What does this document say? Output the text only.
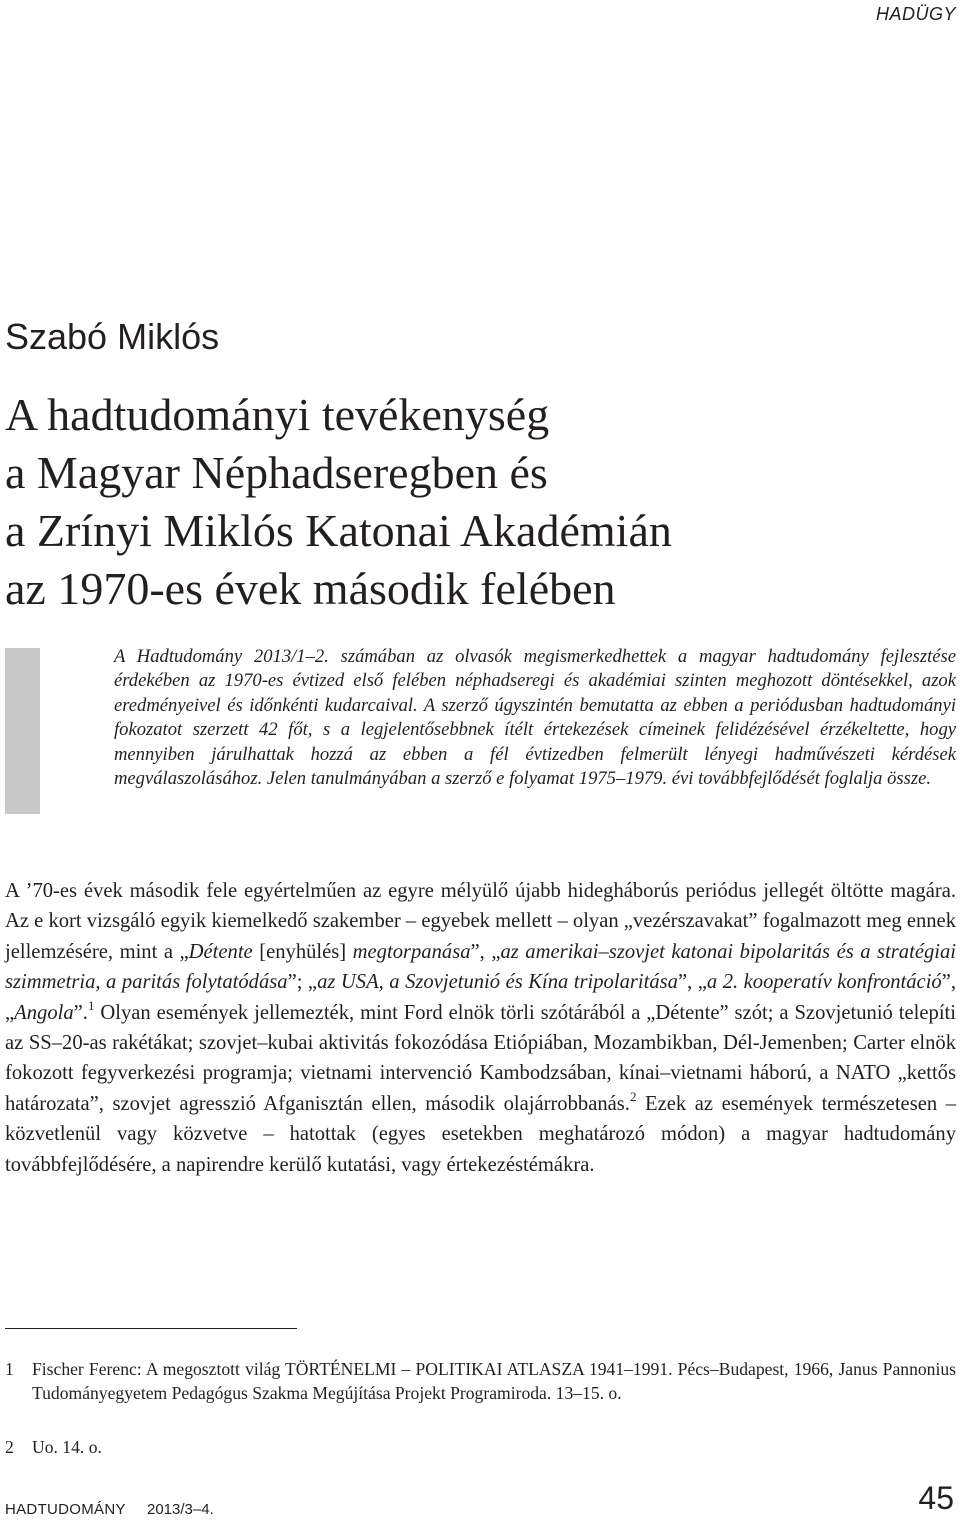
HADÜGY
Szabó Miklós
A hadtudományi tevékenység
a Magyar Néphadseregben és
a Zrínyi Miklós Katonai Akadémián
az 1970-es évek második felében

A Hadtudomány 2013/1–2. számában az olvasók megismerkedhettek a magyar hadtudomány fejlesztése érdekében az 1970-es évtized első felében néphadseregi és akadémiai szinten meghozott döntésekkel, azok eredményeivel és időnkénti kudarcaival. A szerző úgyszintén bemutatta az ebben a periódusban hadtudományi fokozatot szerzett 42 főt, s a legjelentősebbnek ítélt értekezések címeinek felidézésével érzékeltette, hogy mennyiben járulhattak hozzá az ebben a fél évtizedben felmerült lényegi hadművészeti kérdések megválaszolásához. Jelen tanulmányában a szerző e folyamat 1975–1979. évi továbbfejlődését foglalja össze.

A ’70-es évek második fele egyértelműen az egyre mélyülő újabb hidegháborús periódus jellegét öltötte magára. Az e kort vizsgáló egyik kiemelkedő szakember – egyebek mellett – olyan „vezérszavakat” fogalmazott meg ennek jellemzésére, mint a „Détente [enyhülés] megtorpanása”, „az amerikai–szovjet katonai bipolaritás és a stratégiai szimmetria, a paritás folytatódása”; „az USA, a Szovjetunió és Kína tripolaritása”, „a 2. kooperatív konfrontáció”, „Angola”.$^1$ Olyan események jellemezték, mint Ford elnök törli szótárából a „Détente” szót; a Szovjetunió telepíti az SS–20-as rakétákat; szovjet–kubai aktivitás fokozódása Etiópiában, Mozambikban, Dél-Jemenben; Carter elnök fokozott fegyverkezési programja; vietnami intervenció Kambodzsában, kínai–vietnami háború, a NATO „kettős határozata”, szovjet agresszió Afganisztán ellen, második olajárrobbanás.$^2$ Ezek az események természetesen – közvetlenül vagy közvetve – hatottak (egyes esetekben meghatározó módon) a magyar hadtudomány továbbfejlődésére, a napirendre kerülő kutatási, vagy értekezéstémákra.

1 Fischer Ferenc: A megosztott világ TÖRTÉNELMI – POLITIKAI ATLASZA 1941–1991. Pécs–Budapest, 1966, Janus Pannonius Tudományegyetem Pedagógus Szakma Megújítása Projekt Programiroda. 13–15. o.
2 Uo. 14. o.
HADTUDOMÁNY 2013/3–4.	45
